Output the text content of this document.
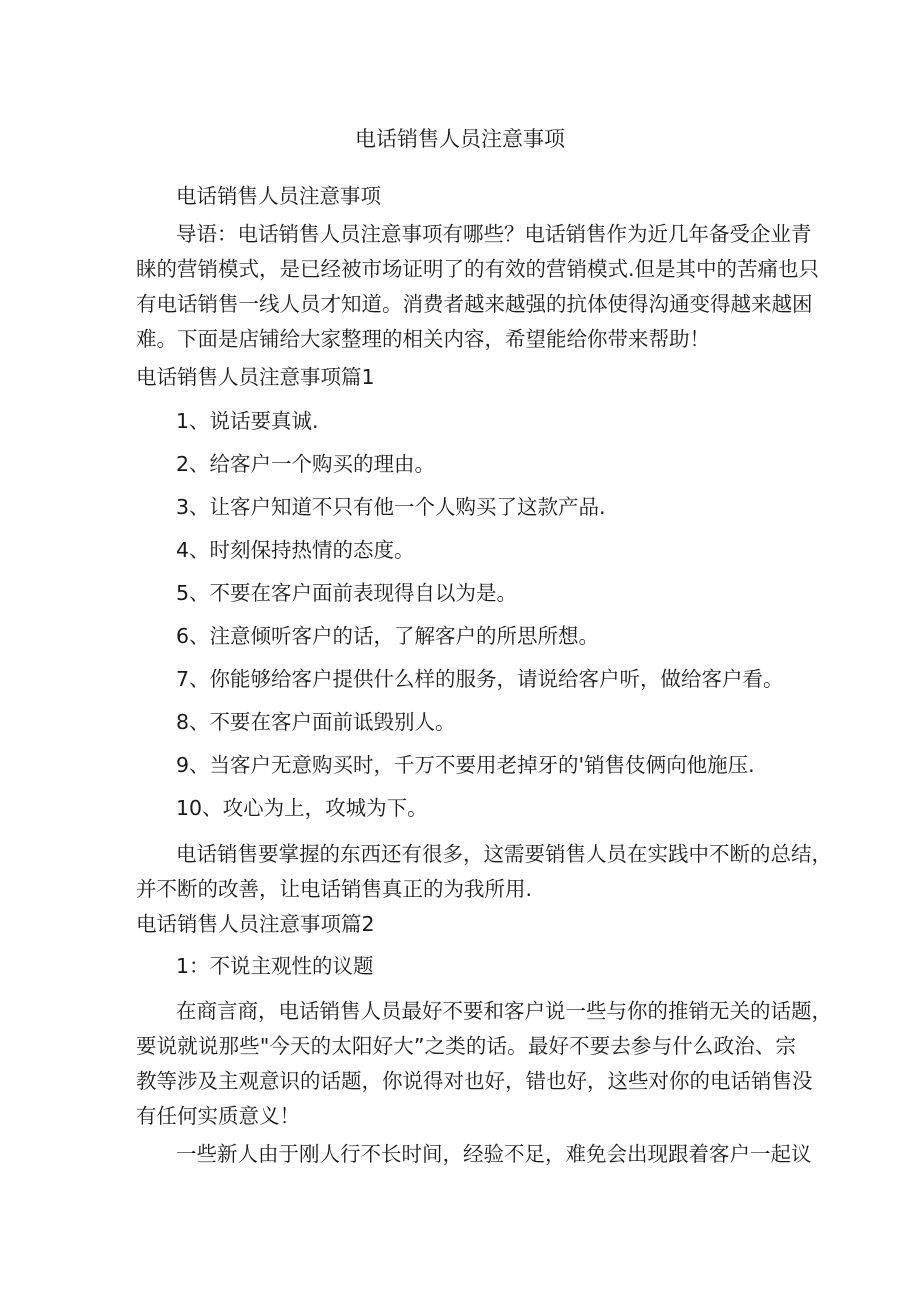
电话销售人员注意事项
电话销售人员注意事项
导语：电话销售人员注意事项有哪些？电话销售作为近几年备受企业青
睐的营销模式，是已经被市场证明了的有效的营销模式.但是其中的苦痛也只
有电话销售一线人员才知道。消费者越来越强的抗体使得沟通变得越来越困
难。下面是店铺给大家整理的相关内容，希望能给你带来帮助！
电话销售人员注意事项篇1
1、说话要真诚.
2、给客户一个购买的理由。
3、让客户知道不只有他一个人购买了这款产品.
4、时刻保持热情的态度。
5、不要在客户面前表现得自以为是。
6、注意倾听客户的话，了解客户的所思所想。
7、你能够给客户提供什么样的服务，请说给客户听，做给客户看。
8、不要在客户面前诋毁别人。
9、当客户无意购买时，千万不要用老掉牙的'销售伎俩向他施压.
10、攻心为上，攻城为下。
电话销售要掌握的东西还有很多，这需要销售人员在实践中不断的总结，
并不断的改善，让电话销售真正的为我所用.
电话销售人员注意事项篇2
1：不说主观性的议题
在商言商，电话销售人员最好不要和客户说一些与你的推销无关的话题，
要说就说那些"今天的太阳好大”之类的话。最好不要去参与什么政治、宗
教等涉及主观意识的话题，你说得对也好，错也好，这些对你的电话销售没
有任何实质意义！
一些新人由于刚人行不长时间，经验不足，难免会出现跟着客户一起议
